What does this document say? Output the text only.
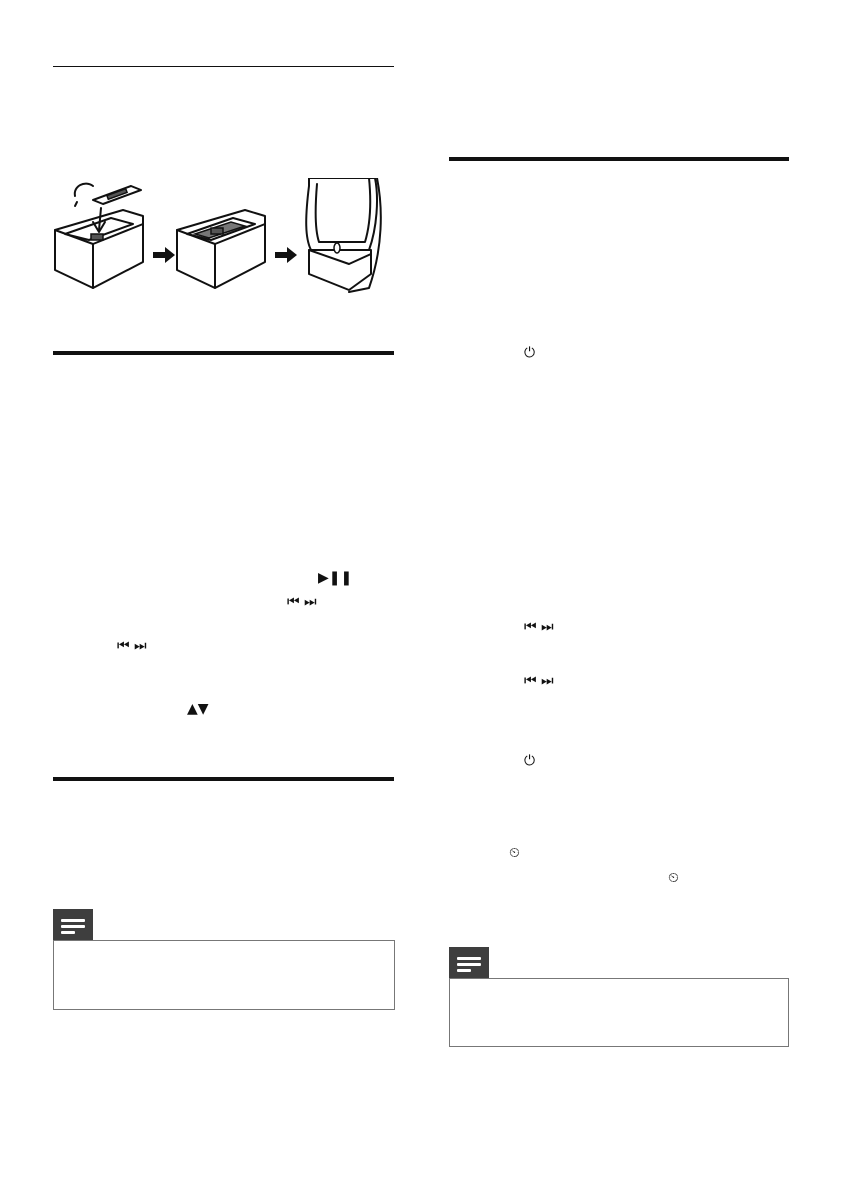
▶❚❚
⏮ ⏭
⏮ ⏭
▲▼
⏻
⏮ ⏭
⏮ ⏭
⏻
⏲
⏲
